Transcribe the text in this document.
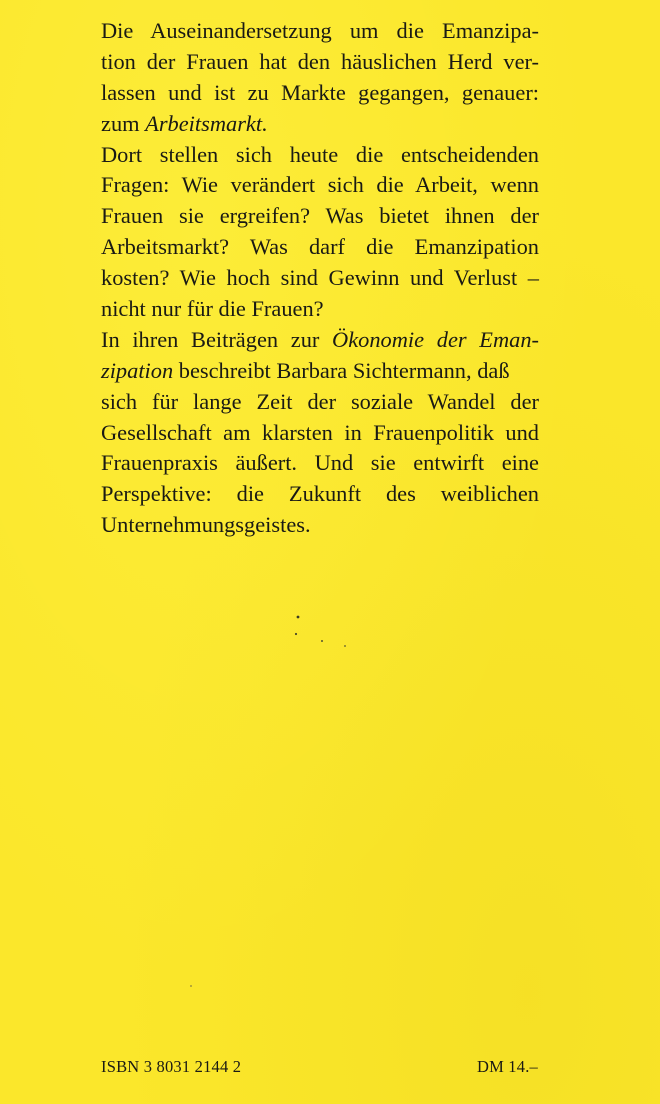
Die Auseinandersetzung um die Emanzipa-
tion der Frauen hat den häuslichen Herd ver-
lassen und ist zu Markte gegangen, genauer:
zum Arbeitsmarkt.
Dort stellen sich heute die entscheidenden
Fragen: Wie verändert sich die Arbeit, wenn
Frauen sie ergreifen? Was bietet ihnen der
Arbeitsmarkt? Was darf die Emanzipation
kosten? Wie hoch sind Gewinn und Verlust –
nicht nur für die Frauen?
In ihren Beiträgen zur Ökonomie der Eman-
zipation beschreibt Barbara Sichtermann, daß
sich für lange Zeit der soziale Wandel der
Gesellschaft am klarsten in Frauenpolitik und
Frauenpraxis äußert. Und sie entwirft eine
Perspektive: die Zukunft des weiblichen
Unternehmungsgeistes.
ISBN 3 8031 2144 2	DM 14.–
